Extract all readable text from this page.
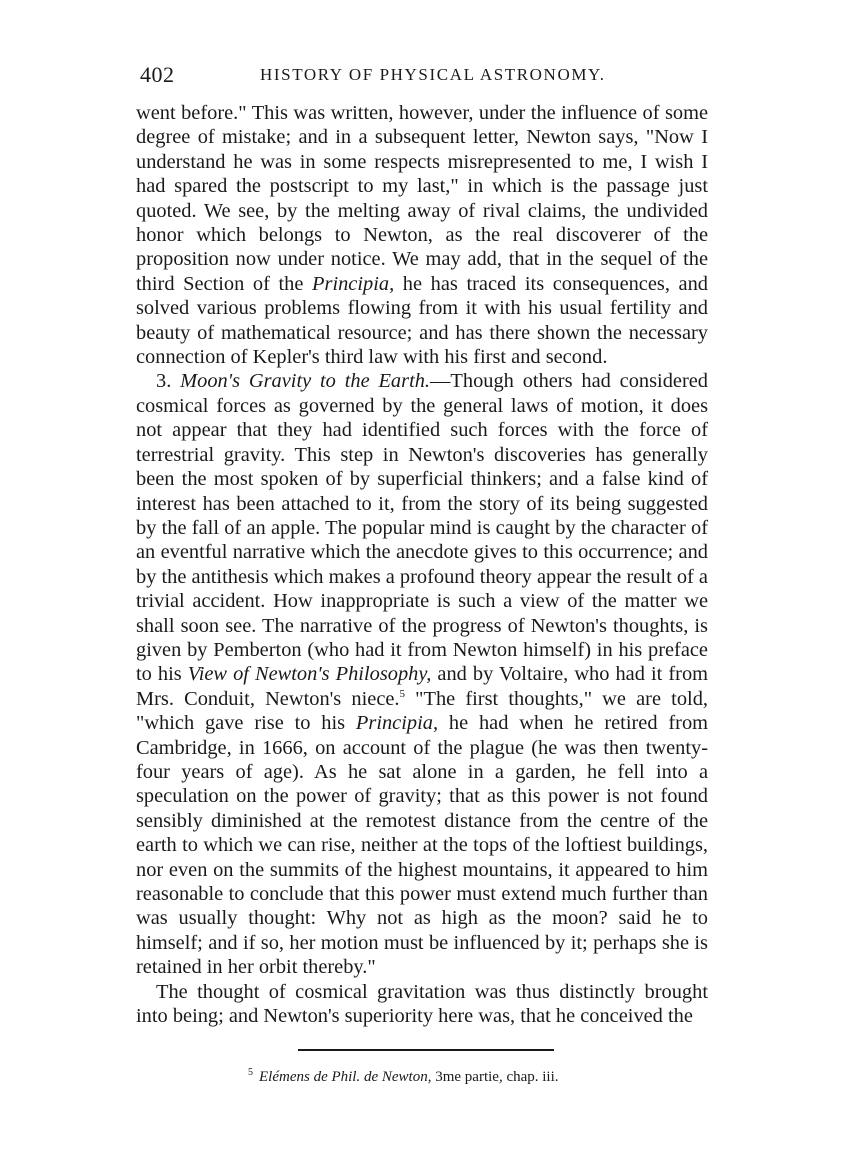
402	HISTORY OF PHYSICAL ASTRONOMY.

went before." This was written, however, under the influence of some degree of mistake; and in a subsequent letter, Newton says, "Now I understand he was in some respects misrepresented to me, I wish I had spared the postscript to my last," in which is the passage just quoted. We see, by the melting away of rival claims, the undivided honor which belongs to Newton, as the real discoverer of the proposition now under notice. We may add, that in the sequel of the third Section of the Principia, he has traced its consequences, and solved various problems flowing from it with his usual fertility and beauty of mathematical resource; and has there shown the necessary connection of Kepler's third law with his first and second.

3. Moon's Gravity to the Earth.—Though others had considered cosmical forces as governed by the general laws of motion, it does not appear that they had identified such forces with the force of terrestrial gravity. This step in Newton's discoveries has generally been the most spoken of by superficial thinkers; and a false kind of interest has been attached to it, from the story of its being suggested by the fall of an apple. The popular mind is caught by the character of an eventful narrative which the anecdote gives to this occurrence; and by the antithesis which makes a profound theory appear the result of a trivial accident. How inappropriate is such a view of the matter we shall soon see. The narrative of the progress of Newton's thoughts, is given by Pemberton (who had it from Newton himself) in his preface to his View of Newton's Philosophy, and by Voltaire, who had it from Mrs. Conduit, Newton's niece.$^5$ "The first thoughts," we are told, "which gave rise to his Principia, he had when he retired from Cambridge, in 1666, on account of the plague (he was then twenty-four years of age). As he sat alone in a garden, he fell into a speculation on the power of gravity; that as this power is not found sensibly diminished at the remotest distance from the centre of the earth to which we can rise, neither at the tops of the loftiest buildings, nor even on the summits of the highest mountains, it appeared to him reasonable to conclude that this power must extend much further than was usually thought: Why not as high as the moon? said he to himself; and if so, her motion must be influenced by it; perhaps she is retained in her orbit thereby."

The thought of cosmical gravitation was thus distinctly brought into being; and Newton's superiority here was, that he conceived the

$^5$ Elémens de Phil. de Newton, 3me partie, chap. iii.
